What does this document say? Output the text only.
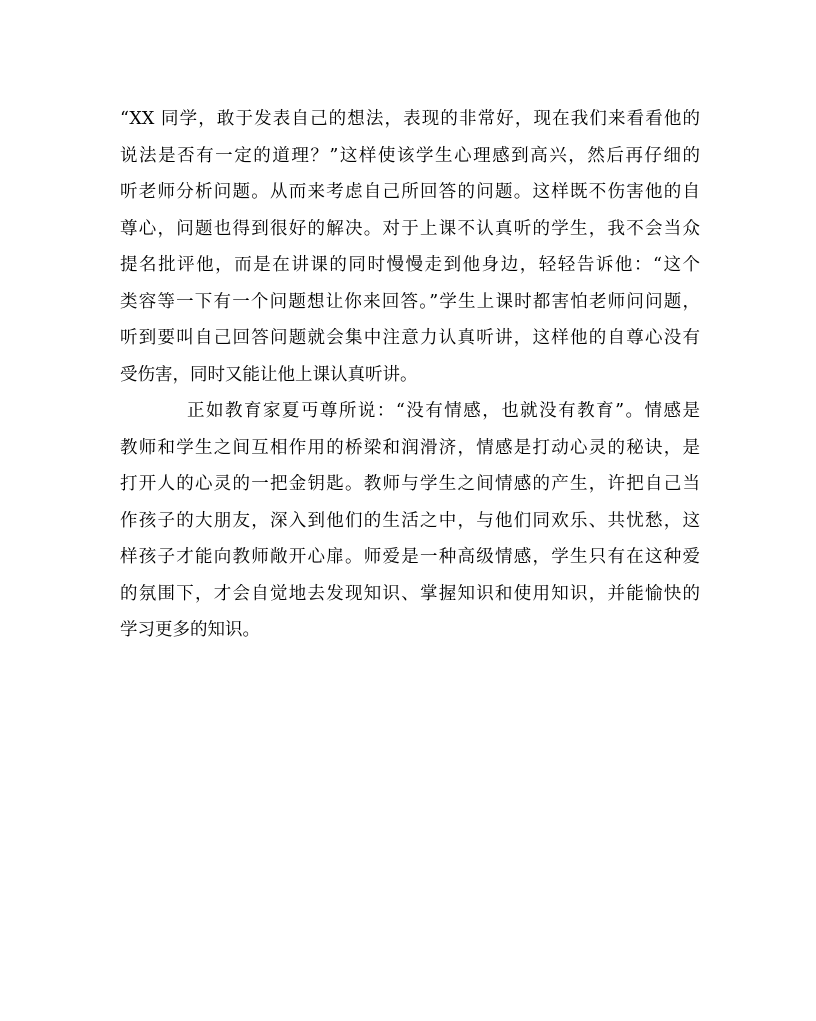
“XX 同学，敢于发表自己的想法，表现的非常好，现在我们来看看他的
说法是否有一定的道理？”这样使该学生心理感到高兴，然后再仔细的
听老师分析问题。从而来考虑自己所回答的问题。这样既不伤害他的自
尊心，问题也得到很好的解决。对于上课不认真听的学生，我不会当众
提名批评他，而是在讲课的同时慢慢走到他身边，轻轻告诉他：“这个
类容等一下有一个问题想让你来回答。”学生上课时都害怕老师问问题，
听到要叫自己回答问题就会集中注意力认真听讲，这样他的自尊心没有
受伤害，同时又能让他上课认真听讲。
正如教育家夏丏尊所说：“没有情感，也就没有教育”。情感是
教师和学生之间互相作用的桥梁和润滑济，情感是打动心灵的秘诀，是
打开人的心灵的一把金钥匙。教师与学生之间情感的产生，许把自己当
作孩子的大朋友，深入到他们的生活之中，与他们同欢乐、共忧愁，这
样孩子才能向教师敞开心扉。师爱是一种高级情感，学生只有在这种爱
的氛围下，才会自觉地去发现知识、掌握知识和使用知识，并能愉快的
学习更多的知识。
